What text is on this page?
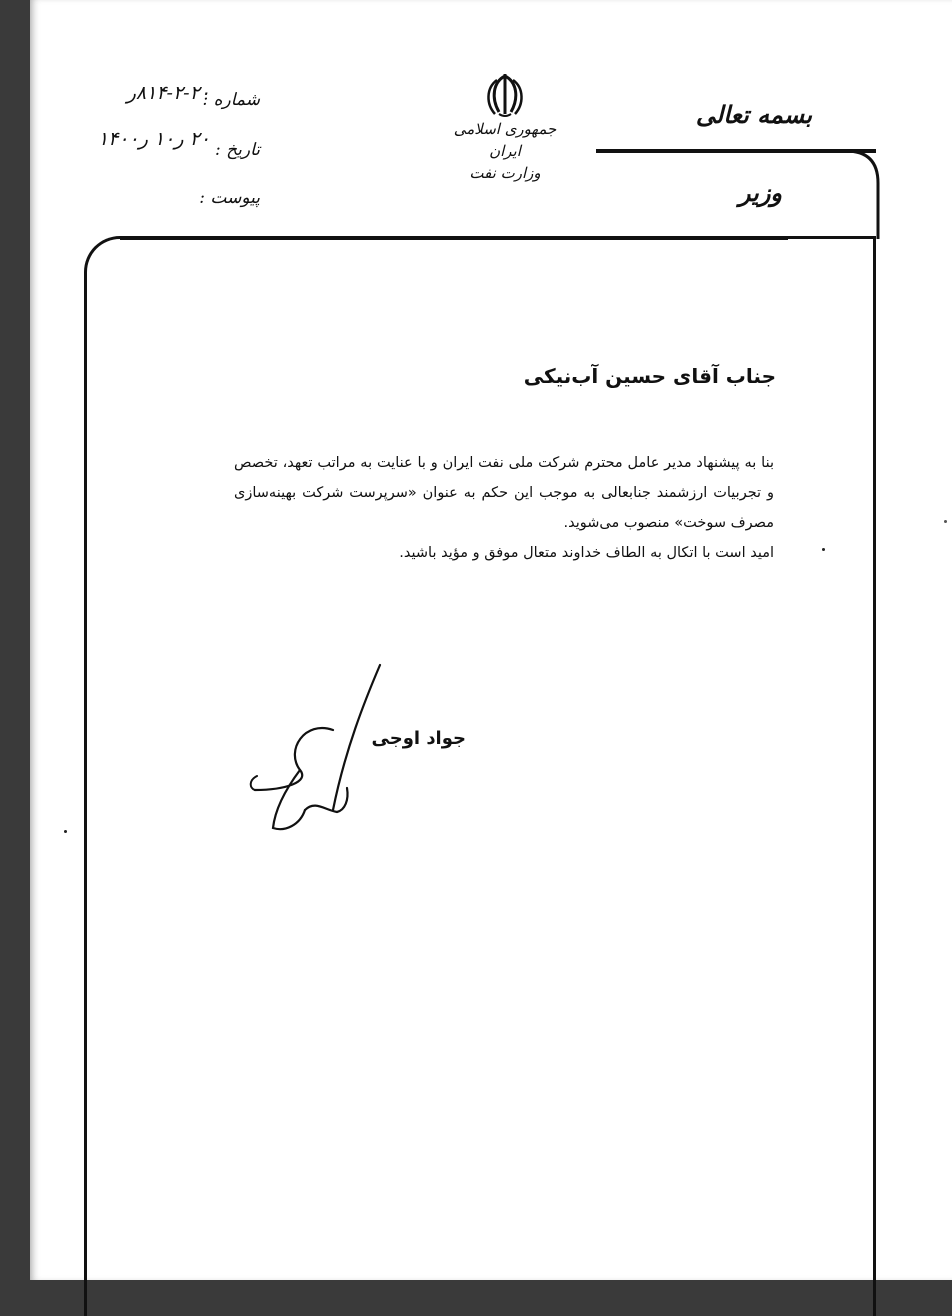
بسمه تعالی
وزیر
جمهوری اسلامی ایران
وزارت نفت
شماره :
۸۱۴-۲-۲۰ر
تاریخ :
۲۰ ر۱۰ ر۱۴۰۰
پیوست :
جناب آقای حسین آب‌نیکی

بنا به پیشنهاد مدیر عامل محترم شرکت ملی نفت ایران و با عنایت به مراتب تعهد، تخصص و تجربیات ارزشمند جنابعالی به موجب این حکم به عنوان «سرپرست شرکت بهینه‌سازی مصرف سوخت» منصوب می‌شوید.

امید است با اتکال به الطاف خداوند متعال موفق و مؤید باشید.

جواد اوجی
